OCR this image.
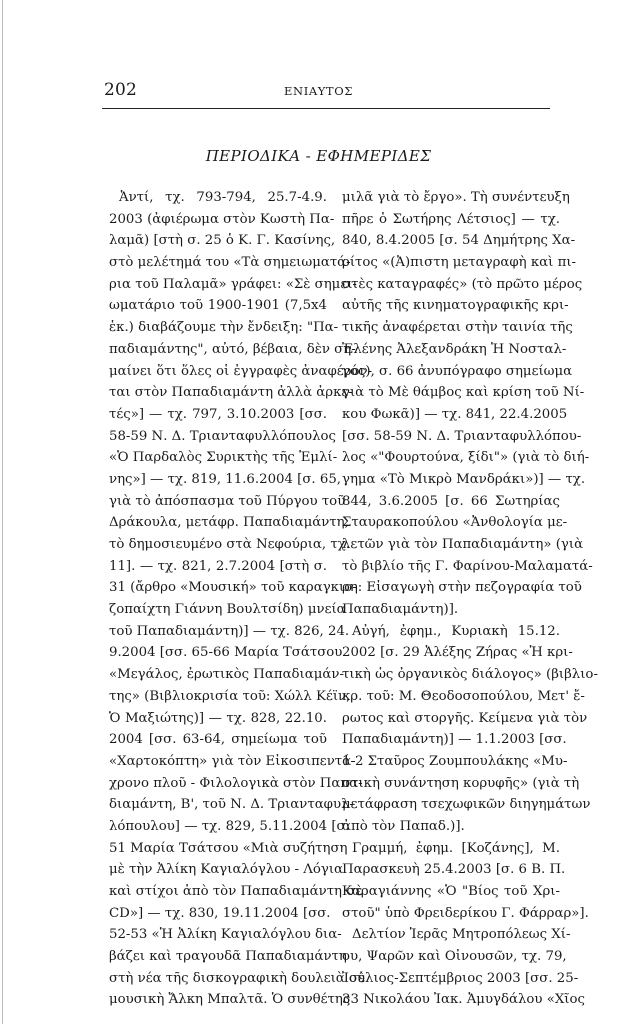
202	ΕΝΙΑΥΤΟΣ
ΠΕΡΙΟΔΙΚΑ - ΕΦΗΜΕΡΙΔΕΣ
Ἀντί, τχ. 793-794, 25.7-4.9.
2003 (ἀφιέρωμα στὸν Κωστὴ Πα-
λαμᾶ) [στὴ σ. 25 ὁ Κ. Γ. Κασίνης,
στὸ μελέτημά του «Τὰ σημειωματά-
ρια τοῦ Παλαμᾶ» γράφει: «Σὲ σημει-
ωματάριο τοῦ 1900-1901 (7,5x4
ἑκ.) διαβάζουμε τὴν ἔνδειξη: "Πα-
παδιαμάντης", αὐτό, βέβαια, δὲν ση-
μαίνει ὅτι ὅλες οἱ ἐγγραφὲς ἀναφέρον-
ται στὸν Παπαδιαμάντη ἀλλὰ ἀρκε-
τές»] — τχ. 797, 3.10.2003 [σσ.
58-59 Ν. Δ. Τριανταφυλλόπουλος
«Ὁ Παρδαλὸς Συρικτὴς τῆς Ἐμλί-
νης»] — τχ. 819, 11.6.2004 [σ. 65,
γιὰ τὸ ἀπόσπασμα τοῦ Πύργου τοῦ
Δράκουλα, μετάφρ. Παπαδιαμάντη,
τὸ δημοσιευμένο στὰ Νεφούρια, τχ.
11]. — τχ. 821, 2.7.2004 [στὴ σ.
31 (ἄρθρο «Μουσική» τοῦ καραγκιο-
ζοπαίχτη Γιάννη Βουλτσίδη) μνεία
τοῦ Παπαδιαμάντη)] — τχ. 826, 24.
9.2004 [σσ. 65-66 Μαρία Τσάτσου
«Μεγάλος, ἐρωτικὸς Παπαδιαμάν-
της» (Βιβλιοκρισία τοῦ: Χώλλ Κέϊν,
Ὁ Μαξιώτης)] — τχ. 828, 22.10.
2004 [σσ. 63-64, σημείωμα τοῦ
«Χαρτοκόπτη» γιὰ τὸν Εἰκοσιπεντά-
χρονο πλοῦ - Φιλολογικὰ στὸν Παπα-
διαμάντη, Β', τοῦ Ν. Δ. Τριανταφυλ-
λόπουλου] — τχ. 829, 5.11.2004 [σ.
51 Μαρία Τσάτσου «Μιὰ συζήτηση
μὲ τὴν Ἀλίκη Καγιαλόγλου - Λόγια
καὶ στίχοι ἀπὸ τὸν Παπαδιαμάντη σὲ
CD»] — τχ. 830, 19.11.2004 [σσ.
52-53 «Ἡ Ἀλίκη Καγιαλόγλου δια-
βάζει καὶ τραγουδᾶ Παπαδιαμάντη
στὴ νέα τῆς δισκογραφικὴ δουλειὰ σὲ
μουσικὴ Ἄλκη Μπαλτᾶ. Ὁ συνθέτης
μιλᾶ γιὰ τὸ ἔργο». Τὴ συνέντευξη
πῆρε ὁ Σωτήρης Λέτσιος] — τχ.
840, 8.4.2005 [σ. 54 Δημήτρης Χα-
ρίτος «(Ἀ)πιστη μεταγραφὴ καὶ πι-
στὲς καταγραφές» (τὸ πρῶτο μέρος
αὐτῆς τῆς κινηματογραφικῆς κρι-
τικῆς ἀναφέρεται στὴν ταινία τῆς
Ἐλένης Ἀλεξανδράκη Ἡ Νοσταλ-
γός), σ. 66 ἀνυπόγραφο σημείωμα
γιὰ τὸ Μὲ θάμβος καὶ κρίση τοῦ Νί-
κου Φωκᾶ)] — τχ. 841, 22.4.2005
[σσ. 58-59 Ν. Δ. Τριανταφυλλόπου-
λος «"Φουρτούνα, ξίδι"» (γιὰ τὸ διή-
γημα «Τὸ Μικρὸ Μανδράκι»)] — τχ.
844, 3.6.2005 [σ. 66 Σωτηρίας
Σταυρακοπούλου «Ἀνθολογία με-
λετῶν γιὰ τὸν Παπαδιαμάντη» (γιὰ
τὸ βιβλίο τῆς Γ. Φαρίνου-Μαλαματά-
ρη: Εἰσαγωγὴ στὴν πεζογραφία τοῦ
Παπαδιαμάντη)].
Αὐγή, ἐφημ., Κυριακὴ 15.12.
2002 [σ. 29 Ἀλέξης Ζήρας «Ἡ κρι-
τικὴ ὡς ὀργανικὸς διάλογος» (βιβλιο-
κρ. τοῦ: Μ. Θεοδοσοπούλου, Μετ' ἔ-
ρωτος καὶ στοργῆς. Κείμενα γιὰ τὸν
Παπαδιαμάντη)] — 1.1.2003 [σσ.
1-2 Σταῦρος Ζουμπουλάκης «Μυ-
στικὴ συνάντηση κορυφῆς» (γιὰ τὴ
μετάφραση τσεχωφικῶν διηγημάτων
ἀπὸ τὸν Παπαδ.)].
Γραμμή, ἐφημ. [Κοζάνης], Μ.
Παρασκευὴ 25.4.2003 [σ. 6 Β. Π.
Καραγιάννης «Ὁ "Βίος τοῦ Χρι-
στοῦ" ὑπὸ Φρειδερίκου Γ. Φάρραρ»].
Δελτίον Ἱερᾶς Μητροπόλεως Χί-
ου, Ψαρῶν καὶ Οἰνουσῶν, τχ. 79,
Ἰούλιος-Σεπτέμβριος 2003 [σσ. 25-
33 Νικολάου Ἰακ. Ἀμυγδάλου «Χῖος
